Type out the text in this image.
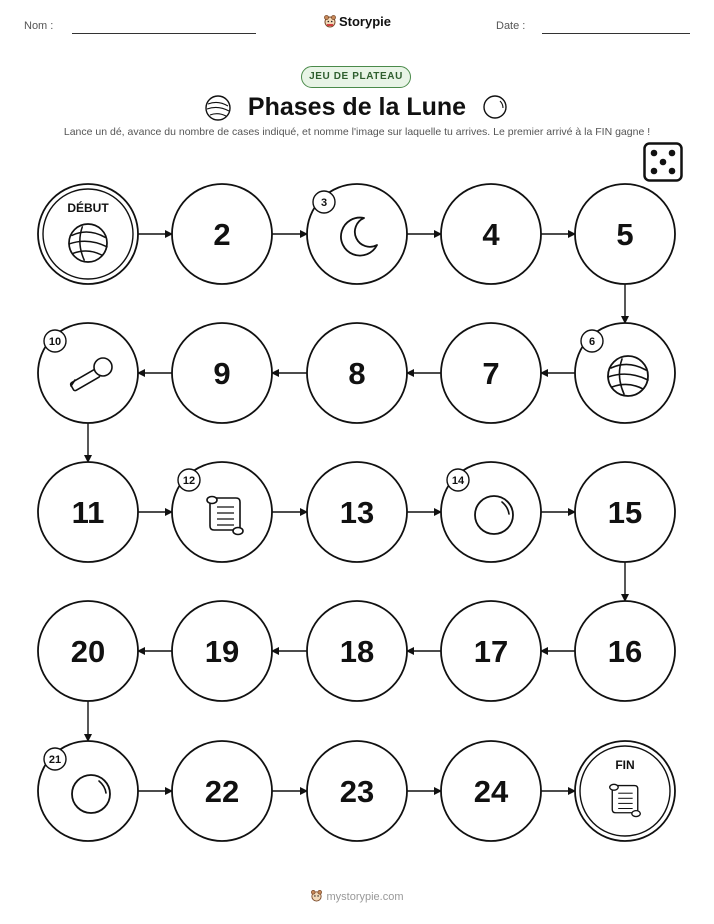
Nom :	Storypie	Date :
JEU DE PLATEAU
Phases de la Lune
Lance un dé, avance du nombre de cases indiqué, et nomme l'image sur laquelle tu arrives. Le premier arrivé à la FIN gagne !
DÉBUT
2
3
4	5
6
7
8
9
10
11
12
13
14
15
16
17
18
19
20
21
22	23	24
FIN
mystorypie.com
